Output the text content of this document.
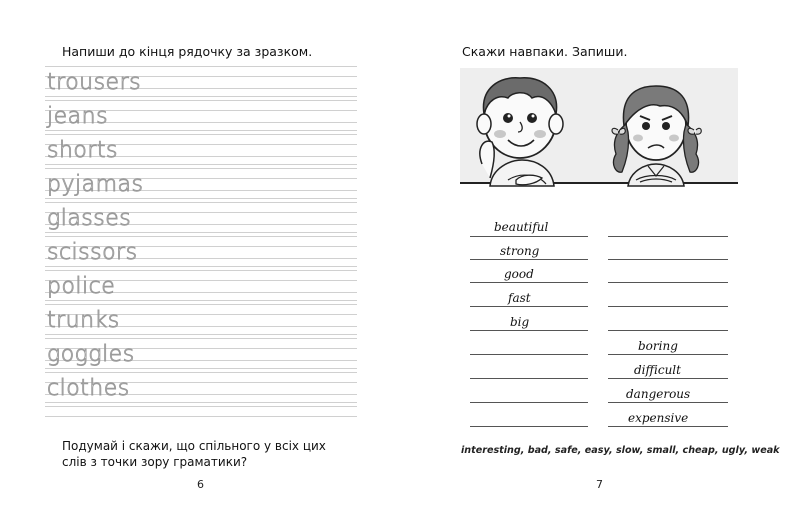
Напиши до кінця рядочку за зразком.
trousers
jeans
shorts
pyjamas
glasses
scissors
police
trunks
goggles
clothes
Подумай і скажи, що спільного у всіх цих слів з точки зору граматики?
6
Скажи навпаки. Запиши.
beautiful
strong
good
fast
big
boring
difficult
dangerous
expensive
interesting, bad, safe, easy, slow, small, cheap, ugly, weak
7
